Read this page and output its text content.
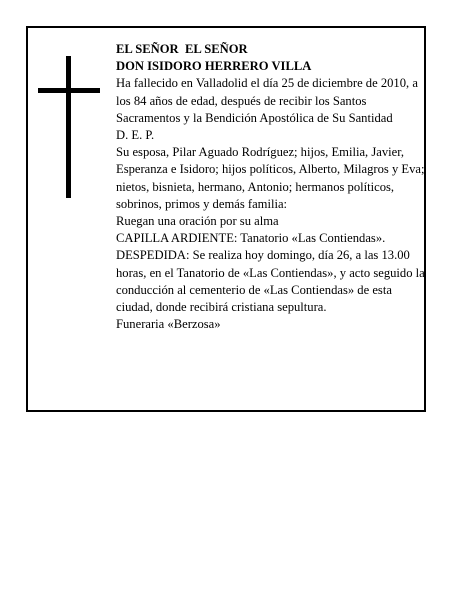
EL SEÑOR  EL SEÑOR

DON ISIDORO HERRERO VILLA

Ha fallecido en Valladolid el día 25 de diciembre de 2010, a los 84 años de edad, después de recibir los Santos Sacramentos y la Bendición Apostólica de Su Santidad

D. E. P.

Su esposa, Pilar Aguado Rodríguez; hijos, Emilia, Javier, Esperanza e Isidoro; hijos políticos, Alberto, Milagros y Eva; nietos, bisnieta, hermano, Antonio; hermanos políticos, sobrinos, primos y demás familia:

Ruegan una oración por su alma

CAPILLA ARDIENTE: Tanatorio «Las Contiendas».

DESPEDIDA: Se realiza hoy domingo, día 26, a las 13.00 horas, en el Tanatorio de «Las Contiendas», y acto seguido la conducción al cementerio de «Las Contiendas» de esta ciudad, donde recibirá cristiana sepultura.

Funeraria «Berzosa»
